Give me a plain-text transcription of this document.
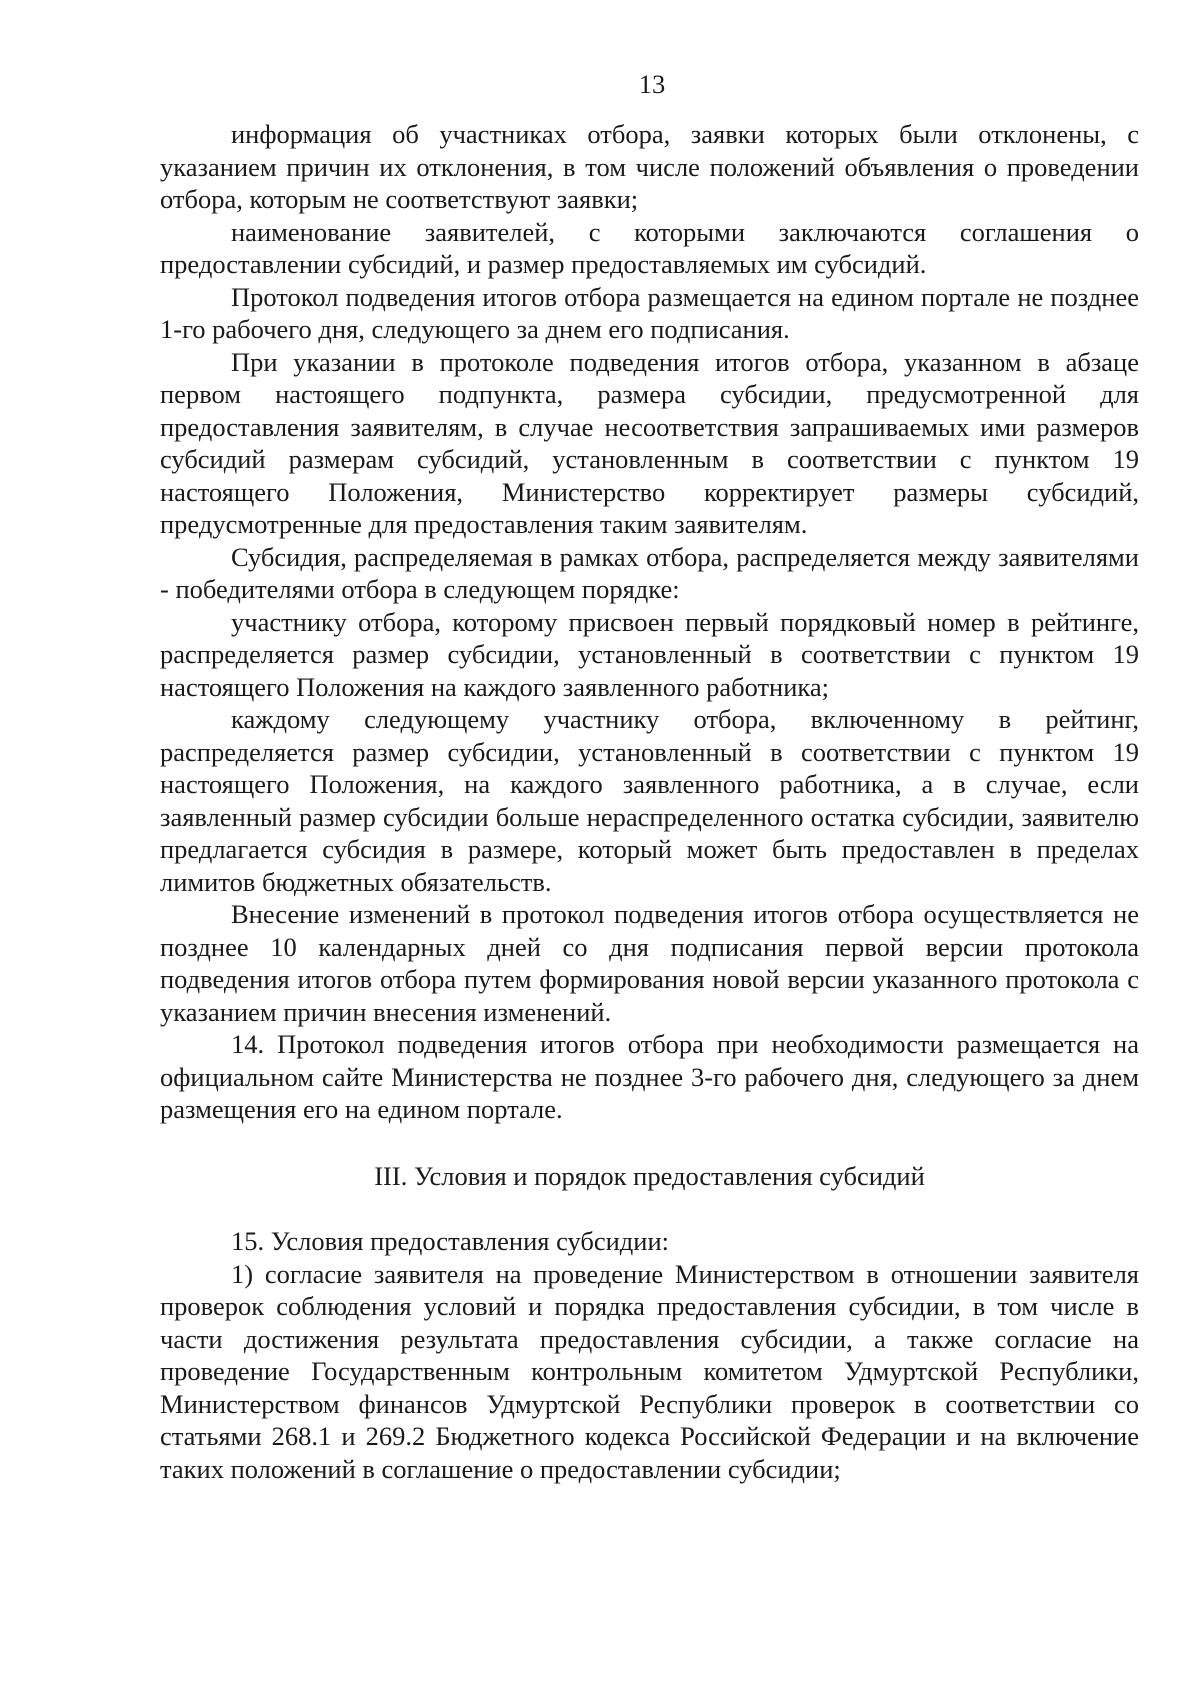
13

информация об участниках отбора, заявки которых были отклонены, с указанием причин их отклонения, в том числе положений объявления о проведении отбора, которым не соответствуют заявки;

наименование заявителей, с которыми заключаются соглашения о предоставлении субсидий, и размер предоставляемых им субсидий.

Протокол подведения итогов отбора размещается на едином портале не позднее 1-го рабочего дня, следующего за днем его подписания.

При указании в протоколе подведения итогов отбора, указанном в абзаце первом настоящего подпункта, размера субсидии, предусмотренной для предоставления заявителям, в случае несоответствия запрашиваемых ими размеров субсидий размерам субсидий, установленным в соответствии с пунктом 19 настоящего Положения, Министерство корректирует размеры субсидий, предусмотренные для предоставления таким заявителям.

Субсидия, распределяемая в рамках отбора, распределяется между заявителями - победителями отбора в следующем порядке:

участнику отбора, которому присвоен первый порядковый номер в рейтинге, распределяется размер субсидии, установленный в соответствии с пунктом 19 настоящего Положения на каждого заявленного работника;

каждому следующему участнику отбора, включенному в рейтинг, распределяется размер субсидии, установленный в соответствии с пунктом 19 настоящего Положения, на каждого заявленного работника, а в случае, если заявленный размер субсидии больше нераспределенного остатка субсидии, заявителю предлагается субсидия в размере, который может быть предоставлен в пределах лимитов бюджетных обязательств.

Внесение изменений в протокол подведения итогов отбора осуществляется не позднее 10 календарных дней со дня подписания первой версии протокола подведения итогов отбора путем формирования новой версии указанного протокола с указанием причин внесения изменений.

14. Протокол подведения итогов отбора при необходимости размещается на официальном сайте Министерства не позднее 3-го рабочего дня, следующего за днем размещения его на едином портале.

III. Условия и порядок предоставления субсидий

15. Условия предоставления субсидии:

1) согласие заявителя на проведение Министерством в отношении заявителя проверок соблюдения условий и порядка предоставления субсидии, в том числе в части достижения результата предоставления субсидии, а также согласие на проведение Государственным контрольным комитетом Удмуртской Республики, Министерством финансов Удмуртской Республики проверок в соответствии со статьями 268.1 и 269.2 Бюджетного кодекса Российской Федерации и на включение таких положений в соглашение о предоставлении субсидии;
